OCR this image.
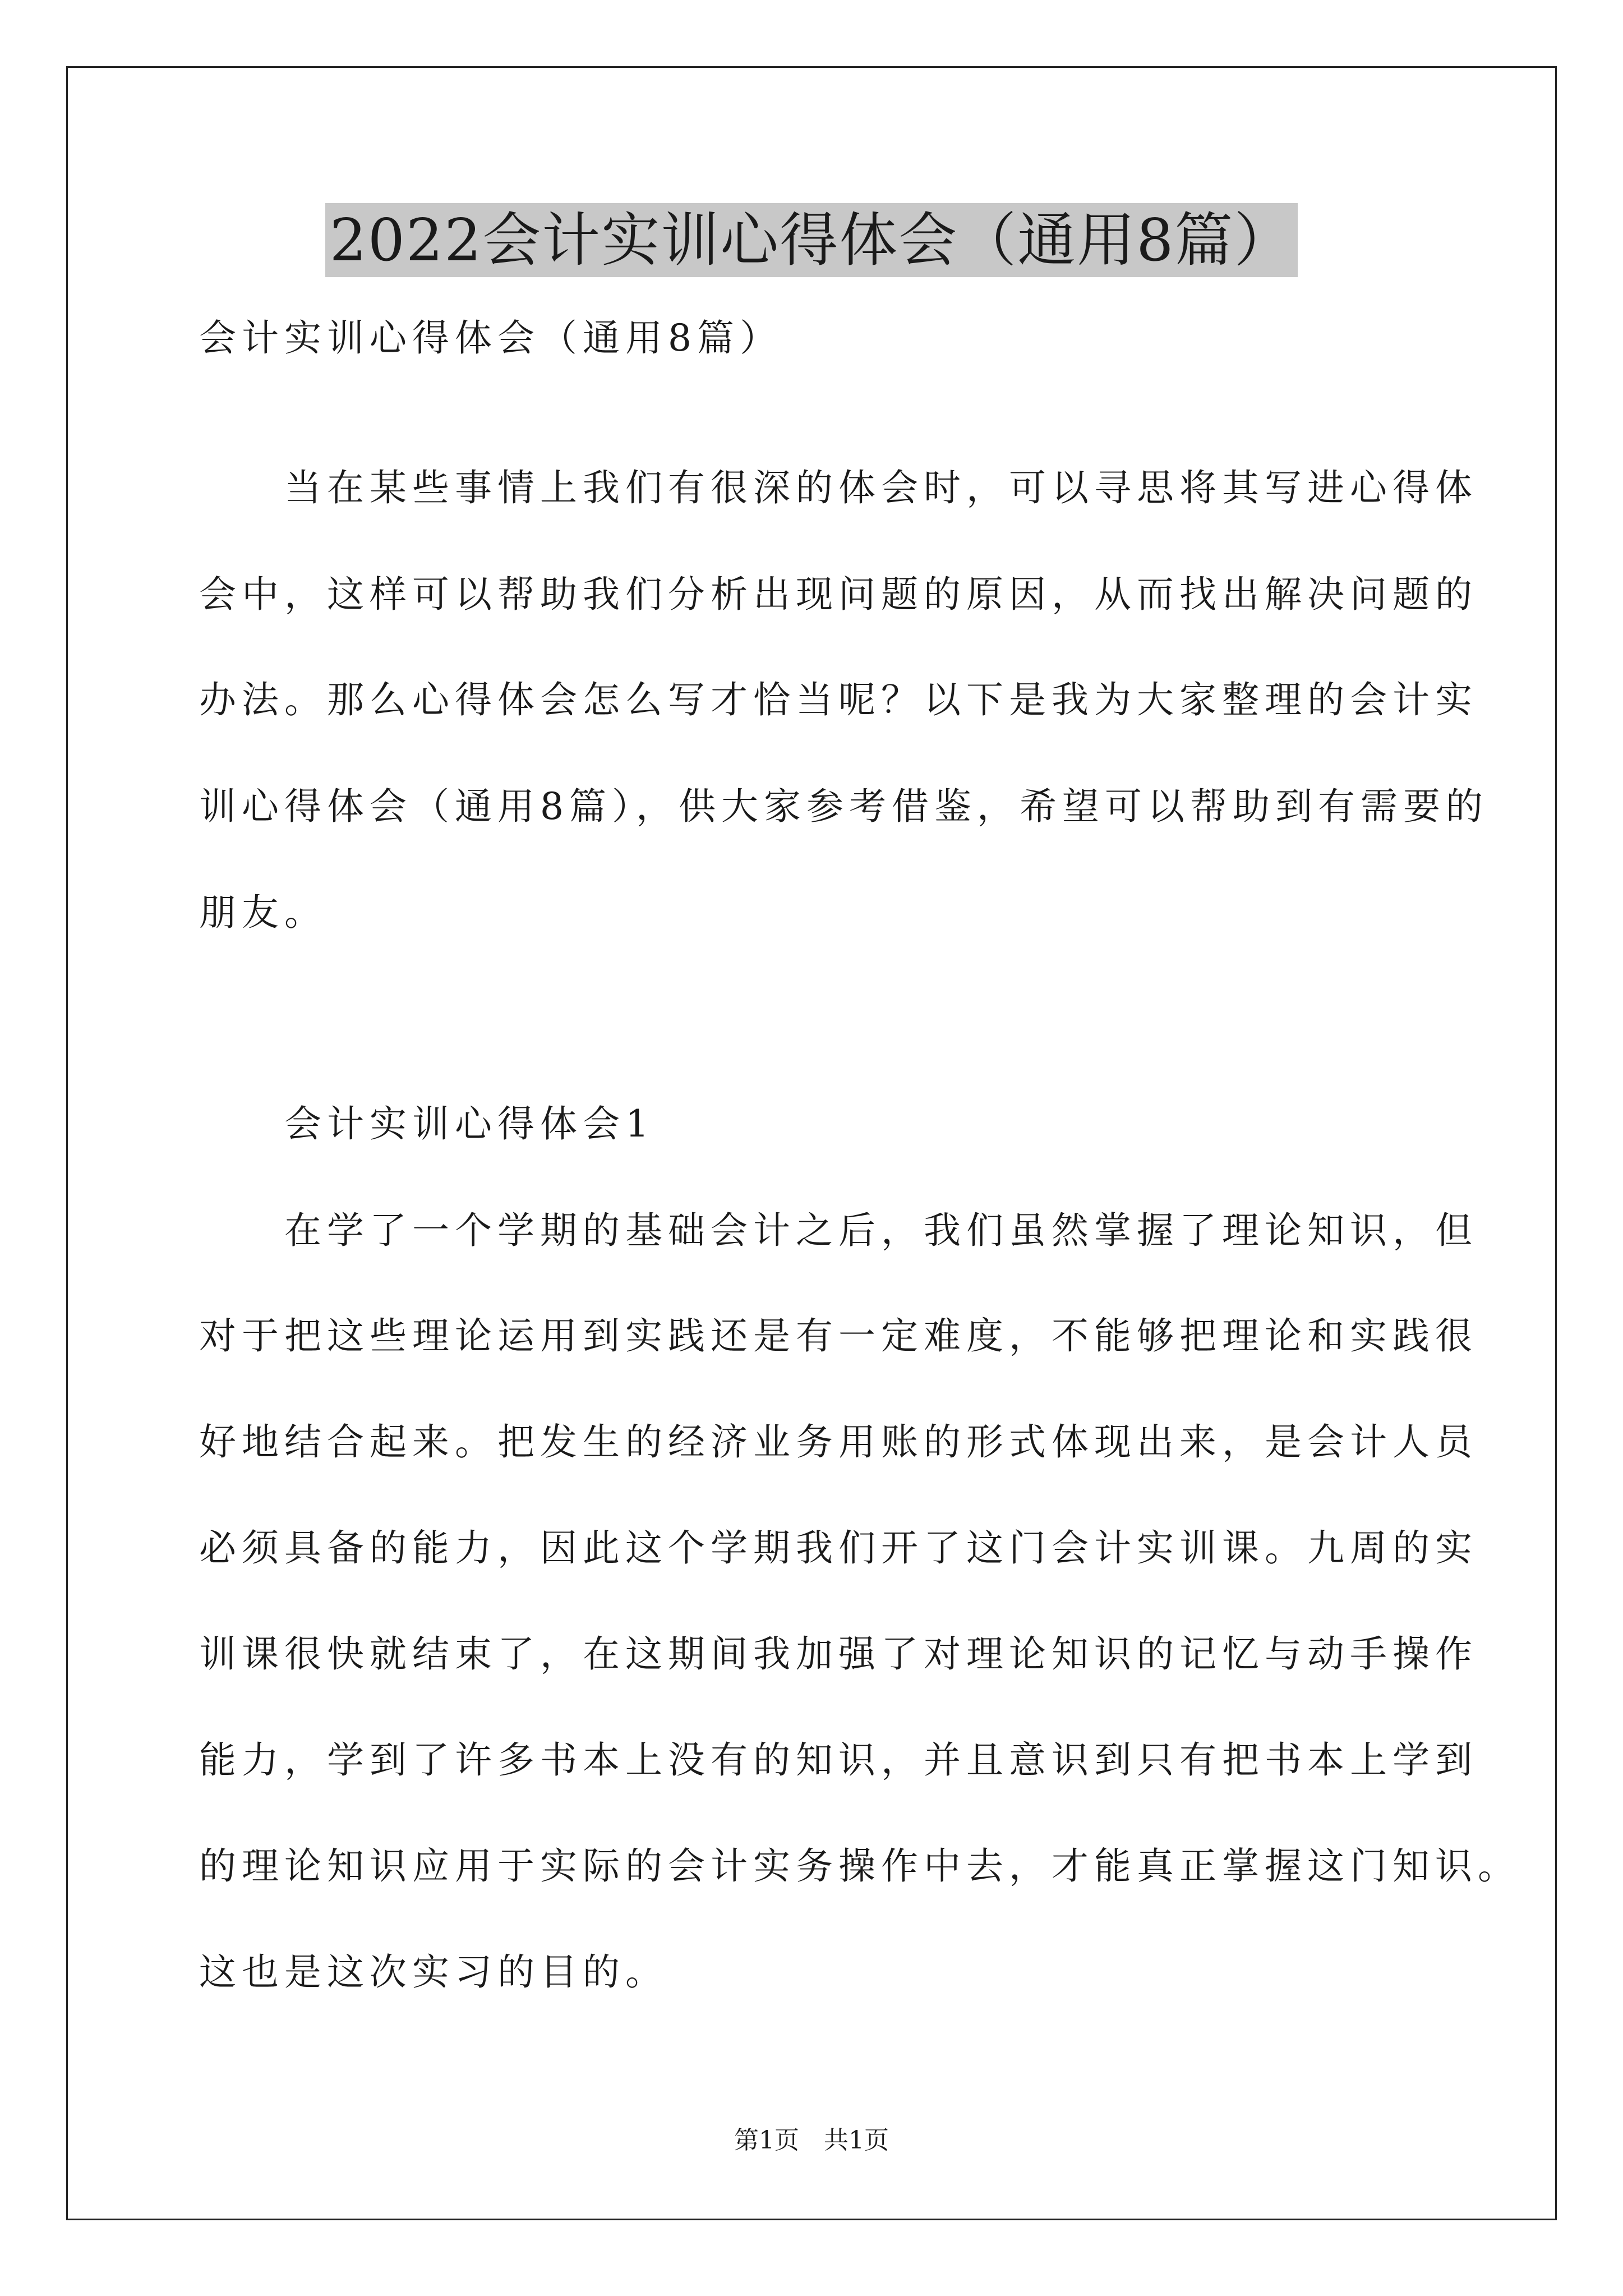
2022会计实训心得体会（通用8篇）
会计实训心得体会（通用8篇）
　　当在某些事情上我们有很深的体会时，可以寻思将其写进心得体
会中，这样可以帮助我们分析出现问题的原因，从而找出解决问题的
办法。那么心得体会怎么写才恰当呢？以下是我为大家整理的会计实
训心得体会（通用8篇），供大家参考借鉴，希望可以帮助到有需要的
朋友。
　　会计实训心得体会1
　　在学了一个学期的基础会计之后，我们虽然掌握了理论知识，但
对于把这些理论运用到实践还是有一定难度，不能够把理论和实践很
好地结合起来。把发生的经济业务用账的形式体现出来，是会计人员
必须具备的能力，因此这个学期我们开了这门会计实训课。九周的实
训课很快就结束了，在这期间我加强了对理论知识的记忆与动手操作
能力，学到了许多书本上没有的知识，并且意识到只有把书本上学到
的理论知识应用于实际的会计实务操作中去，才能真正掌握这门知识。
这也是这次实习的目的。
第1页　共1页
